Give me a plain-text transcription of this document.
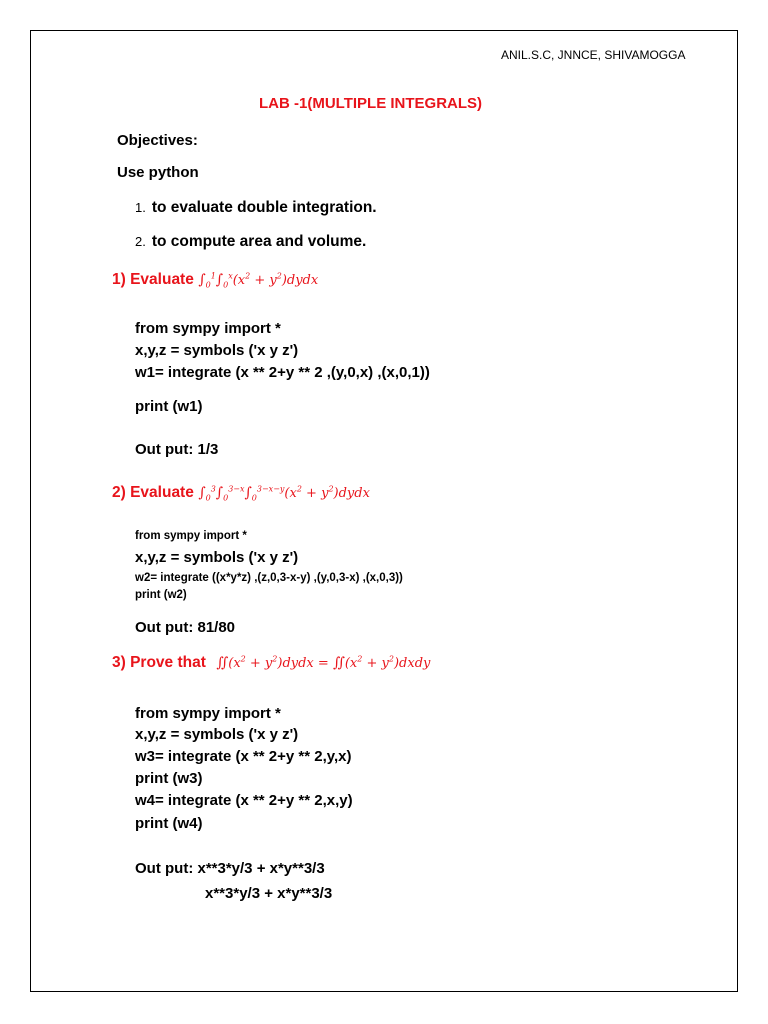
ANIL.S.C, JNNCE, SHIVAMOGGA
LAB -1(MULTIPLE INTEGRALS)
Objectives:
Use python
1. to evaluate double integration.
2. to compute area and volume.
1) Evaluate $\int_0^1\int_0^x(x^2$ + $y^2)dydx$
from sympy import *
x,y,z = symbols ('x y z')
w1= integrate (x ** 2+y ** 2 ,(y,0,x) ,(x,0,1))
print (w1)
Out put: 1/3
2) Evaluate $\int_0^3\int_0^{3-x}\int_0^{3-x-y}(x^2$ + $y^2)dydx$
from sympy import *
x,y,z = symbols ('x y z')
w2= integrate ((x*y*z) ,(z,0,3-x-y) ,(y,0,3-x) ,(x,0,3))
print (w2)
Out put: 81/80
3) Prove that $∬(x^2$ + $y^2)dydx$ = $∬(x^2$ + $y^2)dxdy$
from sympy import *
x,y,z = symbols ('x y z')
w3= integrate (x ** 2+y ** 2,y,x)
print (w3)
w4= integrate (x ** 2+y ** 2,x,y)
print (w4)
Out put: x**3*y/3 + x*y**3/3
x**3*y/3 + x*y**3/3
